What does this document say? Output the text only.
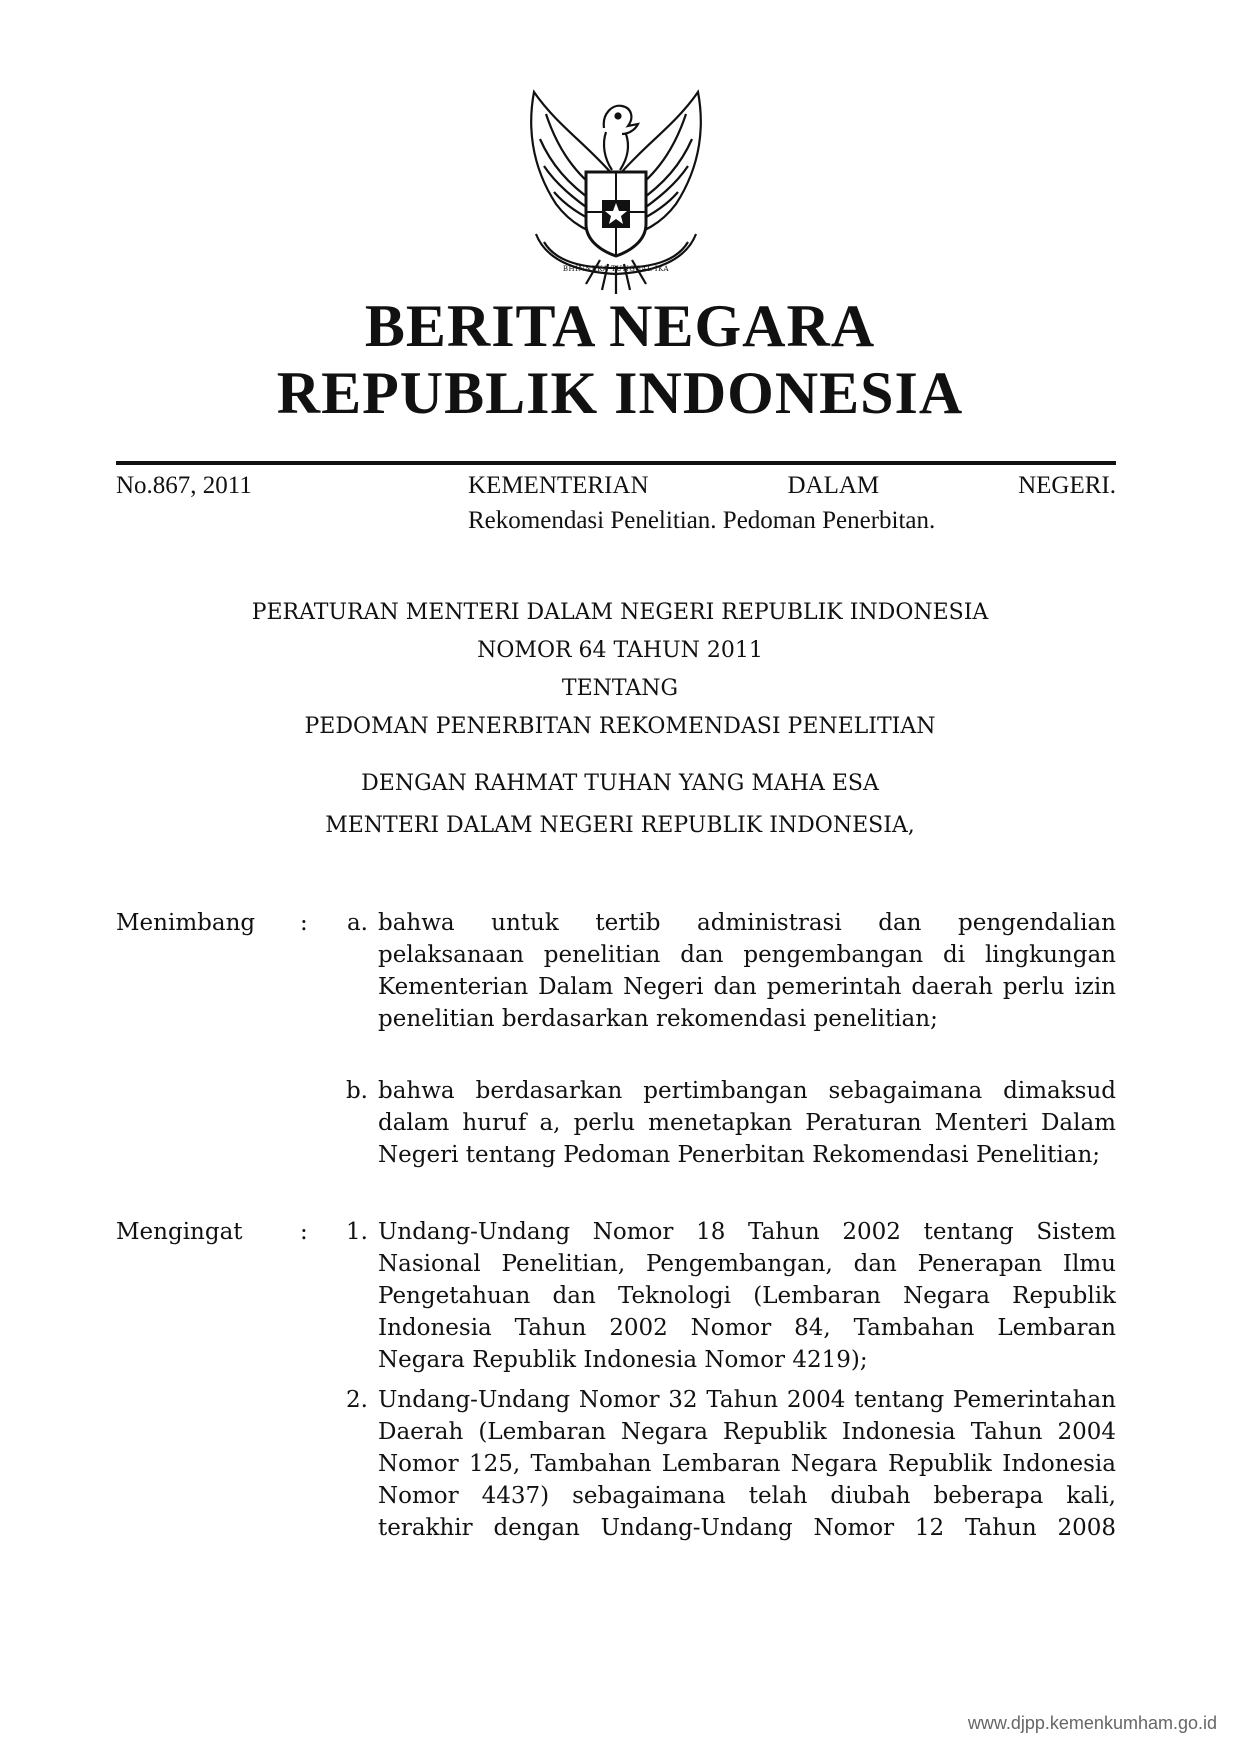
BHINNEKA TUNGGAL IKA
BERITA NEGARA
REPUBLIK INDONESIA
No.867, 2011	KEMENTERIAN	DALAM	NEGERI.
Rekomendasi Penelitian. Pedoman Penerbitan.
PERATURAN MENTERI DALAM NEGERI REPUBLIK INDONESIA
NOMOR 64 TAHUN 2011
TENTANG
PEDOMAN PENERBITAN REKOMENDASI PENELITIAN
DENGAN RAHMAT TUHAN YANG MAHA ESA
MENTERI DALAM NEGERI REPUBLIK INDONESIA,
Menimbang :	a. bahwa untuk tertib administrasi dan pengendalian pelaksanaan penelitian dan pengembangan di lingkungan Kementerian Dalam Negeri dan pemerintah daerah perlu izin penelitian berdasarkan rekomendasi penelitian;
b. bahwa berdasarkan pertimbangan sebagaimana dimaksud dalam huruf a, perlu menetapkan Peraturan Menteri Dalam Negeri tentang Pedoman Penerbitan Rekomendasi Penelitian;
Mengingat :	1. Undang-Undang Nomor 18 Tahun 2002 tentang Sistem Nasional Penelitian, Pengembangan, dan Penerapan Ilmu Pengetahuan dan Teknologi (Lembaran Negara Republik Indonesia Tahun 2002 Nomor 84, Tambahan Lembaran Negara Republik Indonesia Nomor 4219);
2. Undang-Undang Nomor 32 Tahun 2004 tentang Pemerintahan Daerah (Lembaran Negara Republik Indonesia Tahun 2004 Nomor 125, Tambahan Lembaran Negara Republik Indonesia Nomor 4437) sebagaimana telah diubah beberapa kali, terakhir dengan Undang-Undang Nomor 12 Tahun 2008
www.djpp.kemenkumham.go.id
